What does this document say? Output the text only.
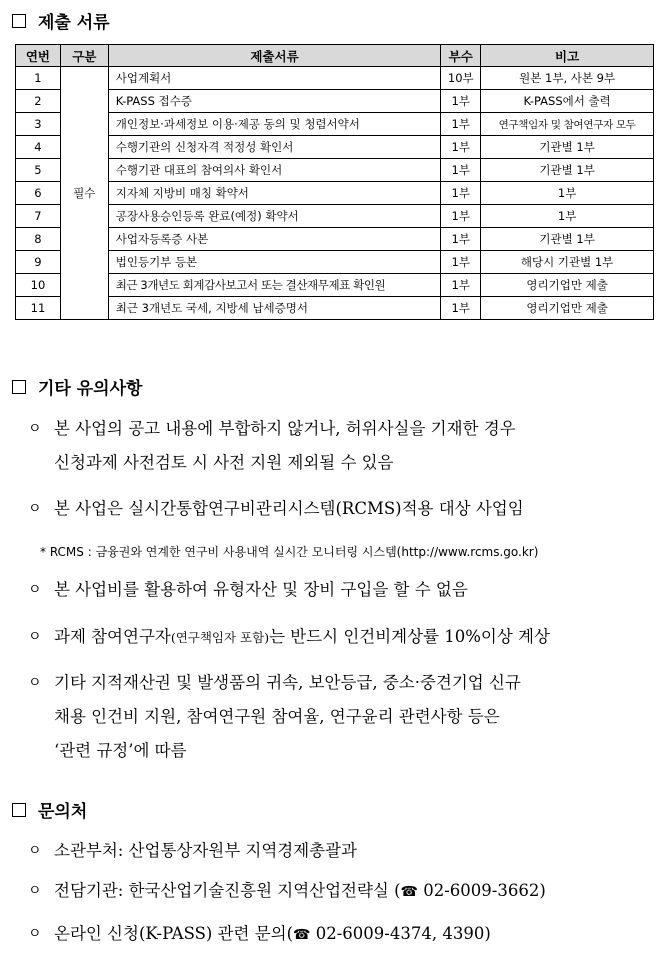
제출 서류
연번	구분	제출서류	부수	비고
1	필수	사업계획서	10부	원본 1부, 사본 9부
2		K-PASS 접수증	1부	K-PASS에서 출력
3		개인정보·과세정보 이용·제공 동의 및 청렴서약서	1부	연구책임자 및 참여연구자 모두
4		수행기관의 신청자격 적정성 확인서	1부	기관별 1부
5		수행기관 대표의 참여의사 확인서	1부	기관별 1부
6		지자체 지방비 매칭 확약서	1부	1부
7		공장사용승인등록 완료(예정) 확약서	1부	1부
8		사업자등록증 사본	1부	기관별 1부
9		법인등기부 등본	1부	해당시 기관별 1부
10		최근 3개년도 회계감사보고서 또는 결산재무제표 확인원	1부	영리기업만 제출
11		최근 3개년도 국세, 지방세 납세증명서	1부	영리기업만 제출
기타 유의사항
ㅇ 본 사업의 공고 내용에 부합하지 않거나, 허위사실을 기재한 경우
신청과제 사전검토 시 사전 지원 제외될 수 있음
ㅇ 본 사업은 실시간통합연구비관리시스템(RCMS)적용 대상 사업임
* RCMS : 금융권와 연계한 연구비 사용내역 실시간 모니터링 시스템(http://www.rcms.go.kr)
ㅇ 본 사업비를 활용하여 유형자산 및 장비 구입을 할 수 없음
ㅇ 과제 참여연구자(연구책임자 포함)는 반드시 인건비계상률 10%이상 계상
ㅇ 기타 지적재산권 및 발생품의 귀속, 보안등급, 중소·중견기업 신규
채용 인건비 지원, 참여연구원 참여율, 연구윤리 관련사항 등은
‘관련 규정’에 따름
문의처
ㅇ 소관부처: 산업통상자원부 지역경제총괄과
ㅇ 전담기관: 한국산업기술진흥원 지역산업전략실 (☎ 02-6009-3662)
ㅇ 온라인 신청(K-PASS) 관련 문의(☎ 02-6009-4374, 4390)
